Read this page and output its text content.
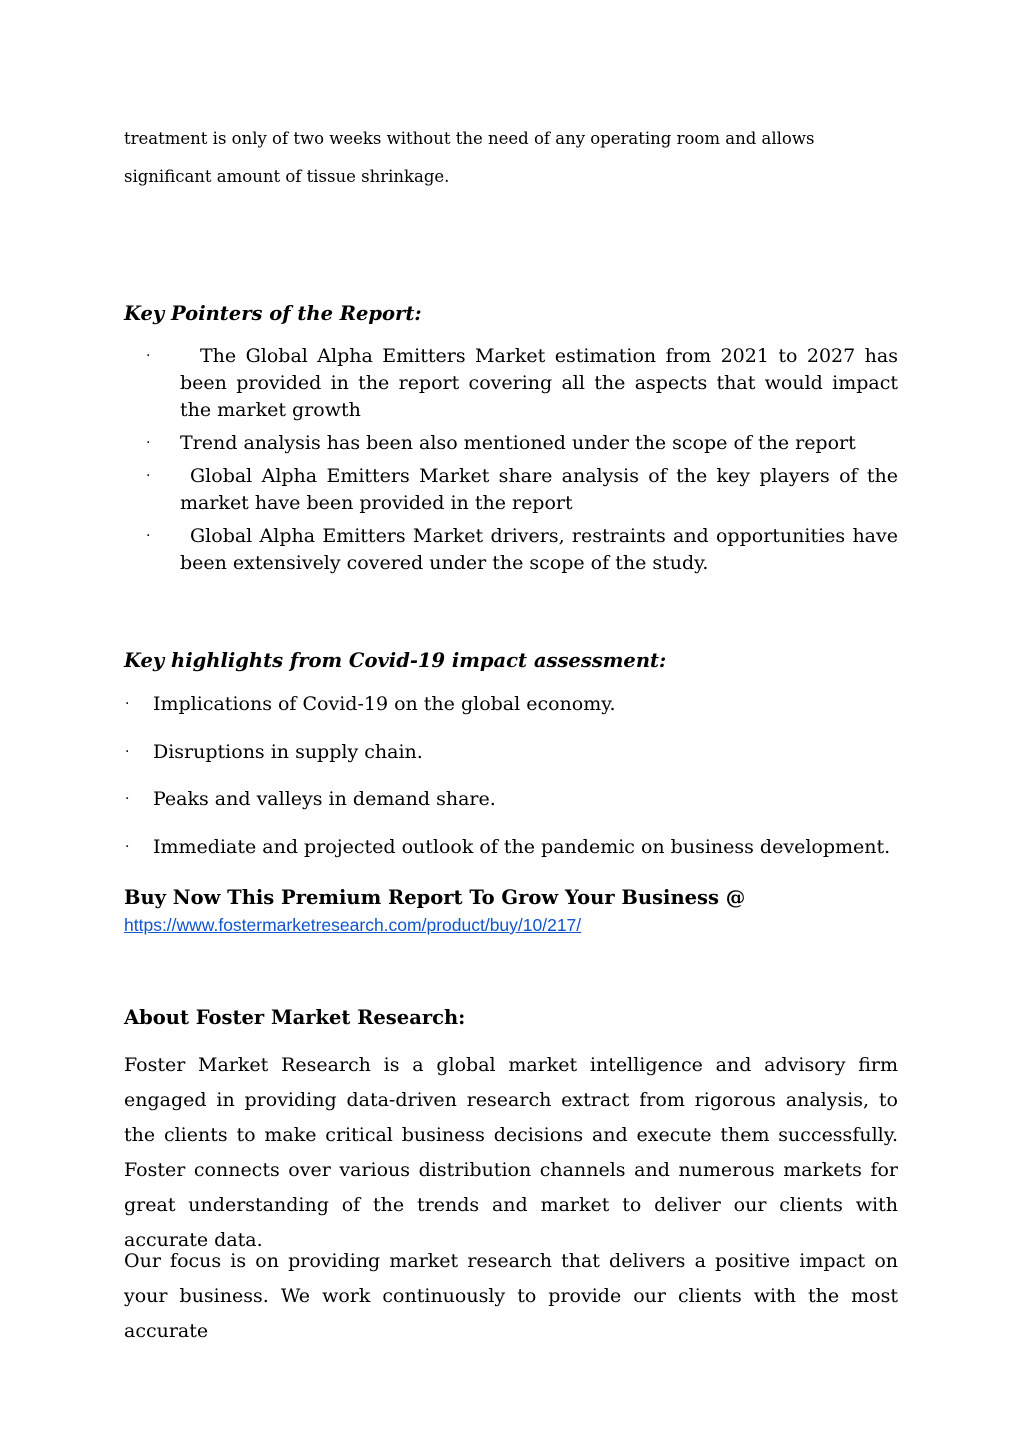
treatment is only of two weeks without the need of any operating room and allows significant amount of tissue shrinkage.

Key Pointers of the Report:
·	The Global Alpha Emitters Market estimation from 2021 to 2027 has been provided in the report covering all the aspects that would impact the market growth
· Trend analysis has been also mentioned under the scope of the report
· Global Alpha Emitters Market share analysis of the key players of the market have been provided in the report
· Global Alpha Emitters Market drivers, restraints and opportunities have been extensively covered under the scope of the study.
Key highlights from Covid-19 impact assessment:
· Implications of Covid-19 on the global economy.
· Disruptions in supply chain.
· Peaks and valleys in demand share.
· Immediate and projected outlook of the pandemic on business development.
Buy Now This Premium Report To Grow Your Business @
https://www.fostermarketresearch.com/product/buy/10/217/
About Foster Market Research:

Foster Market Research is a global market intelligence and advisory firm engaged in providing data-driven research extract from rigorous analysis, to the clients to make critical business decisions and execute them successfully. Foster connects over various distribution channels and numerous markets for great understanding of the trends and market to deliver our clients with accurate data.

Our focus is on providing market research that delivers a positive impact on your business. We work continuously to provide our clients with the most accurate
